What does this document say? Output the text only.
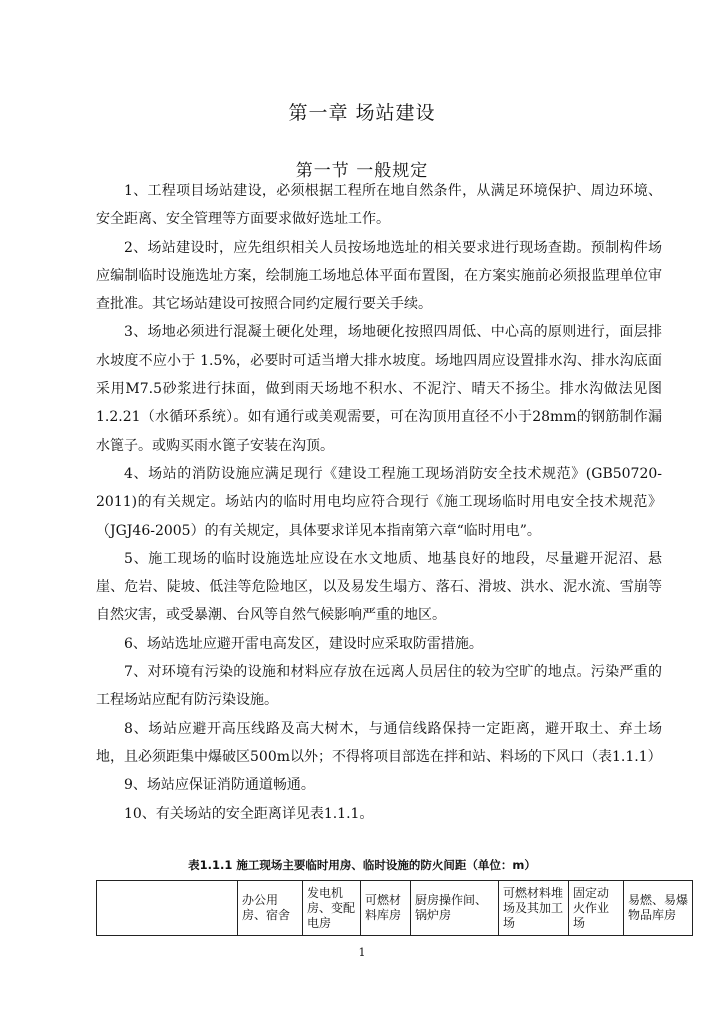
第一章 场站建设
第一节 一般规定

1、工程项目场站建设，必须根据工程所在地自然条件，从满足环境保护、周边环境、安全距离、安全管理等方面要求做好选址工作。

2、场站建设时，应先组织相关人员按场地选址的相关要求进行现场查勘。预制构件场应编制临时设施选址方案，绘制施工场地总体平面布置图，在方案实施前必须报监理单位审查批准。其它场站建设可按照合同约定履行要关手续。

3、场地必须进行混凝土硬化处理，场地硬化按照四周低、中心高的原则进行，面层排水坡度不应小于 1.5%，必要时可适当增大排水坡度。场地四周应设置排水沟、排水沟底面采用M7.5砂浆进行抹面，做到雨天场地不积水、不泥泞、晴天不扬尘。排水沟做法见图1.2.21（水循环系统）。如有通行或美观需要，可在沟顶用直径不小于28mm的钢筋制作漏水篦子。或购买雨水篦子安装在沟顶。

4、场站的消防设施应满足现行《建设工程施工现场消防安全技术规范》(GB50720-2011)的有关规定。场站内的临时用电均应符合现行《施工现场临时用电安全技术规范》（JGJ46-2005）的有关规定，具体要求详见本指南第六章“临时用电”。

5、施工现场的临时设施选址应设在水文地质、地基良好的地段，尽量避开泥沼、悬崖、危岩、陡坡、低洼等危险地区，以及易发生塌方、落石、滑坡、洪水、泥水流、雪崩等自然灾害，或受暴潮、台风等自然气候影响严重的地区。

6、场站选址应避开雷电高发区，建设时应采取防雷措施。

7、对环境有污染的设施和材料应存放在远离人员居住的较为空旷的地点。污染严重的工程场站应配有防污染设施。

8、场站应避开高压线路及高大树木，与通信线路保持一定距离，避开取土、弃土场地，且必须距集中爆破区500m以外；不得将项目部选在拌和站、料场的下风口（表1.1.1）

9、场站应保证消防通道畅通。

10、有关场站的安全距离详见表1.1.1。

表1.1.1 施工现场主要临时用房、临时设施的防火间距（单位：m）
	办公用房、宿舍	发电机房、变配电房	可燃材料库房	厨房操作间、锅炉房	可燃材料堆场及其加工场	固定动火作业场	易燃、易爆物品库房
1
